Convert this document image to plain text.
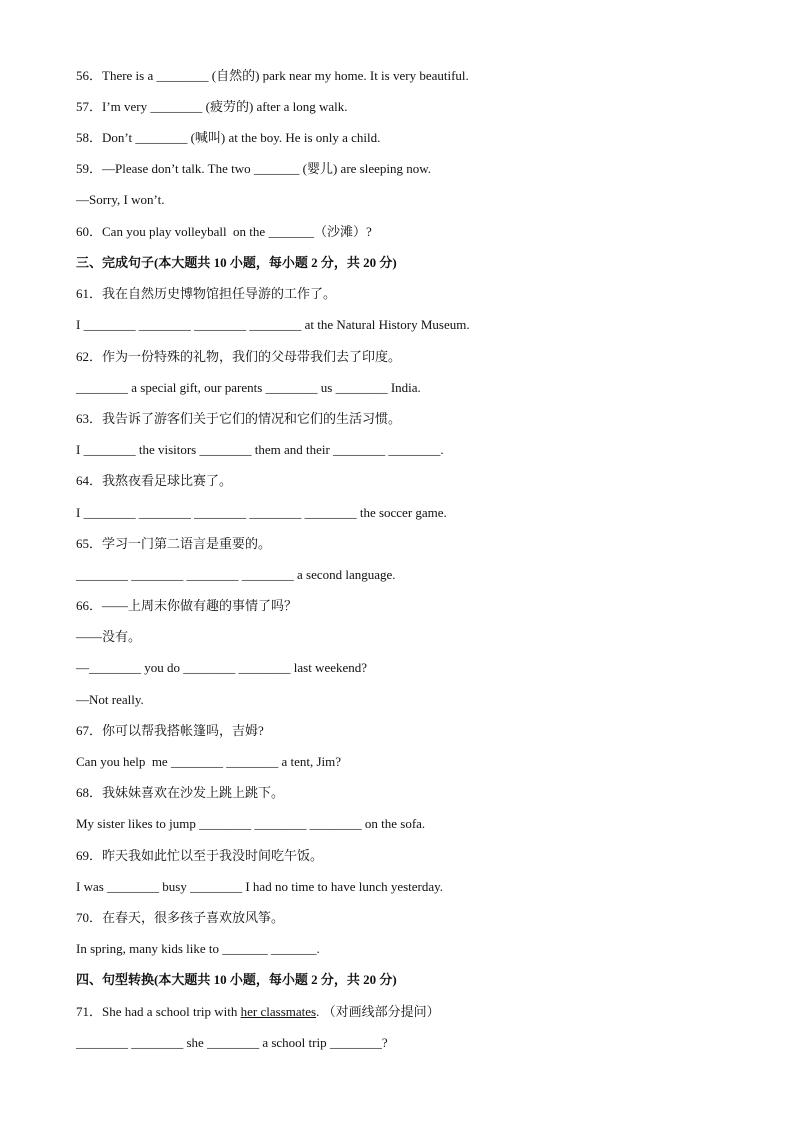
56．There is a ________ (自然的) park near my home. It is very beautiful.

57．I’m very ________ (疲劳的) after a long walk.

58．Don’t ________ (喊叫) at the boy. He is only a child.

59．—Please don’t talk. The two _______ (婴儿) are sleeping now.

—Sorry, I won’t.

60．Can you play volleyball  on the _______（沙滩）?

三、完成句子(本大题共 10 小题，每小题 2 分，共 20 分)

61．我在自然历史博物馆担任导游的工作了。

I ________ ________ ________ ________ at the Natural History Museum.

62．作为一份特殊的礼物，我们的父母带我们去了印度。

________ a special gift, our parents ________ us ________ India.

63．我告诉了游客们关于它们的情况和它们的生活习惯。

I ________ the visitors ________ them and their ________ ________.

64．我熬夜看足球比赛了。

I ________ ________ ________ ________ ________ the soccer game.

65．学习一门第二语言是重要的。

________ ________ ________ ________ a second language.

66．——上周末你做有趣的事情了吗？

——没有。

—________ you do ________ ________ last weekend?

—Not really.

67．你可以帮我搭帐篷吗，吉姆?

Can you help  me ________ ________ a tent, Jim?

68．我妹妹喜欢在沙发上跳上跳下。

My sister likes to jump ________ ________ ________ on the sofa.

69．昨天我如此忙以至于我没时间吃午饭。

I was ________ busy ________ I had no time to have lunch yesterday.

70．在春天，很多孩子喜欢放风筝。

In spring, many kids like to _______ _______.

四、句型转换(本大题共 10 小题，每小题 2 分，共 20 分)

71．She had a school trip with her classmates. （对画线部分提问）

________ ________ she ________ a school trip ________?
